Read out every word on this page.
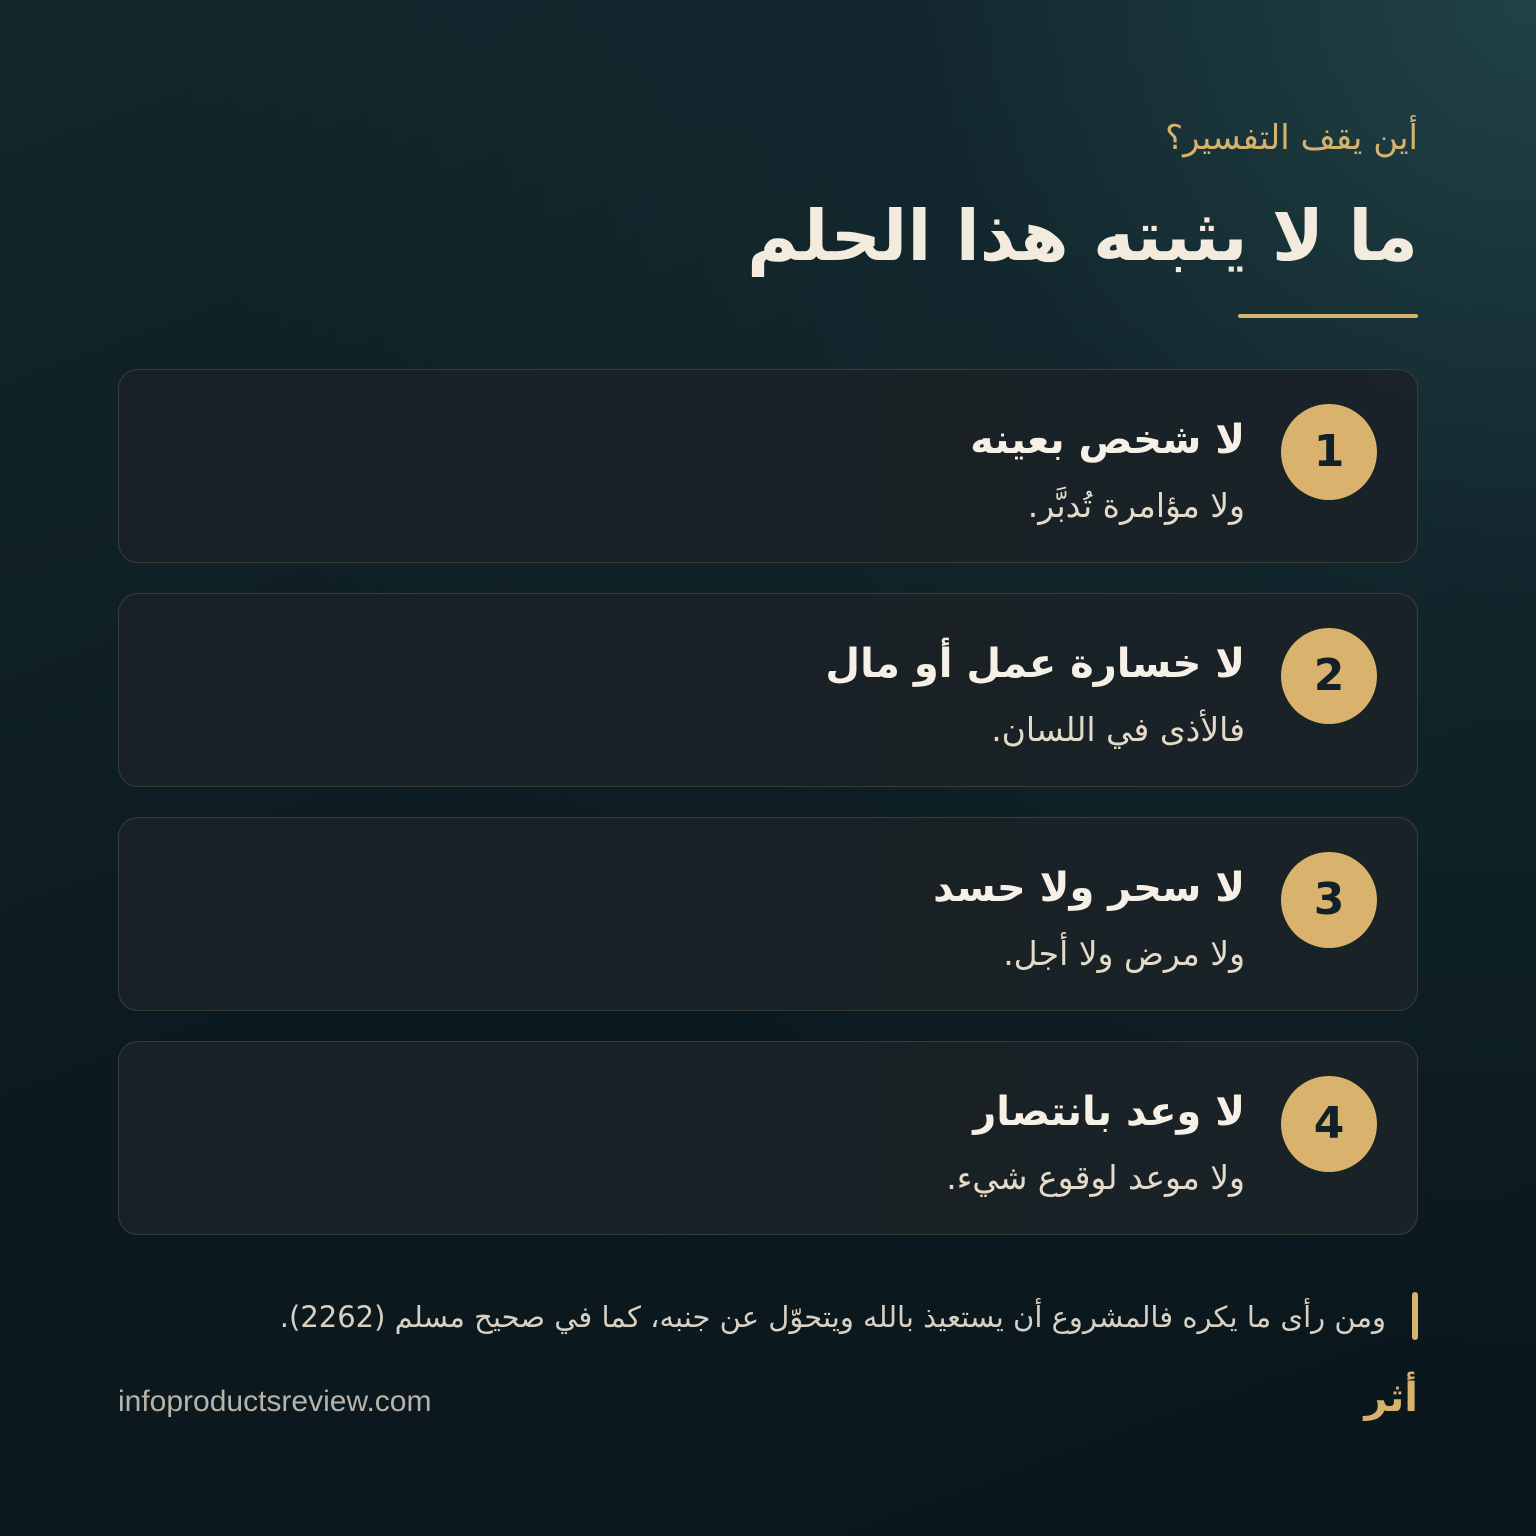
أين يقف التفسير؟
ما لا يثبته هذا الحلم
1
لا شخص بعينه
ولا مؤامرة تُدبَّر.
2
لا خسارة عمل أو مال
فالأذى في اللسان.
3
لا سحر ولا حسد
ولا مرض ولا أجل.
4
لا وعد بانتصار
ولا موعد لوقوع شيء.
ومن رأى ما يكره فالمشروع أن يستعيذ بالله ويتحوّل عن جنبه، كما في صحيح مسلم (2262).
infoproductsreview.com	أثر
